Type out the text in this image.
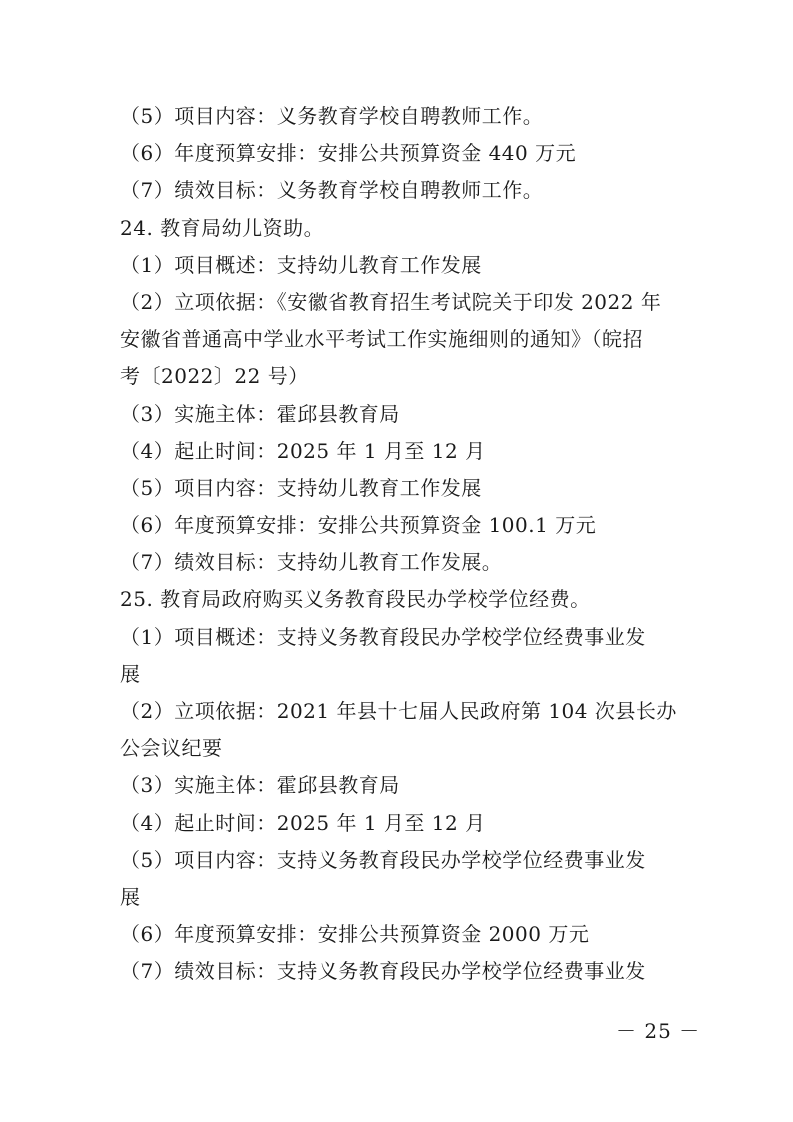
（5）项目内容：义务教育学校自聘教师工作。
（6）年度预算安排：安排公共预算资金 440 万元
（7）绩效目标：义务教育学校自聘教师工作。
24. 教育局幼儿资助。
（1）项目概述：支持幼儿教育工作发展
（2）立项依据：《安徽省教育招生考试院关于印发 2022 年
安徽省普通高中学业水平考试工作实施细则的通知》（皖招
考〔2022〕22 号）
（3）实施主体：霍邱县教育局
（4）起止时间：2025 年 1 月至 12 月
（5）项目内容：支持幼儿教育工作发展
（6）年度预算安排：安排公共预算资金 100.1 万元
（7）绩效目标：支持幼儿教育工作发展。
25. 教育局政府购买义务教育段民办学校学位经费。
（1）项目概述：支持义务教育段民办学校学位经费事业发
展
（2）立项依据：2021 年县十七届人民政府第 104 次县长办
公会议纪要
（3）实施主体：霍邱县教育局
（4）起止时间：2025 年 1 月至 12 月
（5）项目内容：支持义务教育段民办学校学位经费事业发
展
（6）年度预算安排：安排公共预算资金 2000 万元
（7）绩效目标：支持义务教育段民办学校学位经费事业发
－ 25 －
